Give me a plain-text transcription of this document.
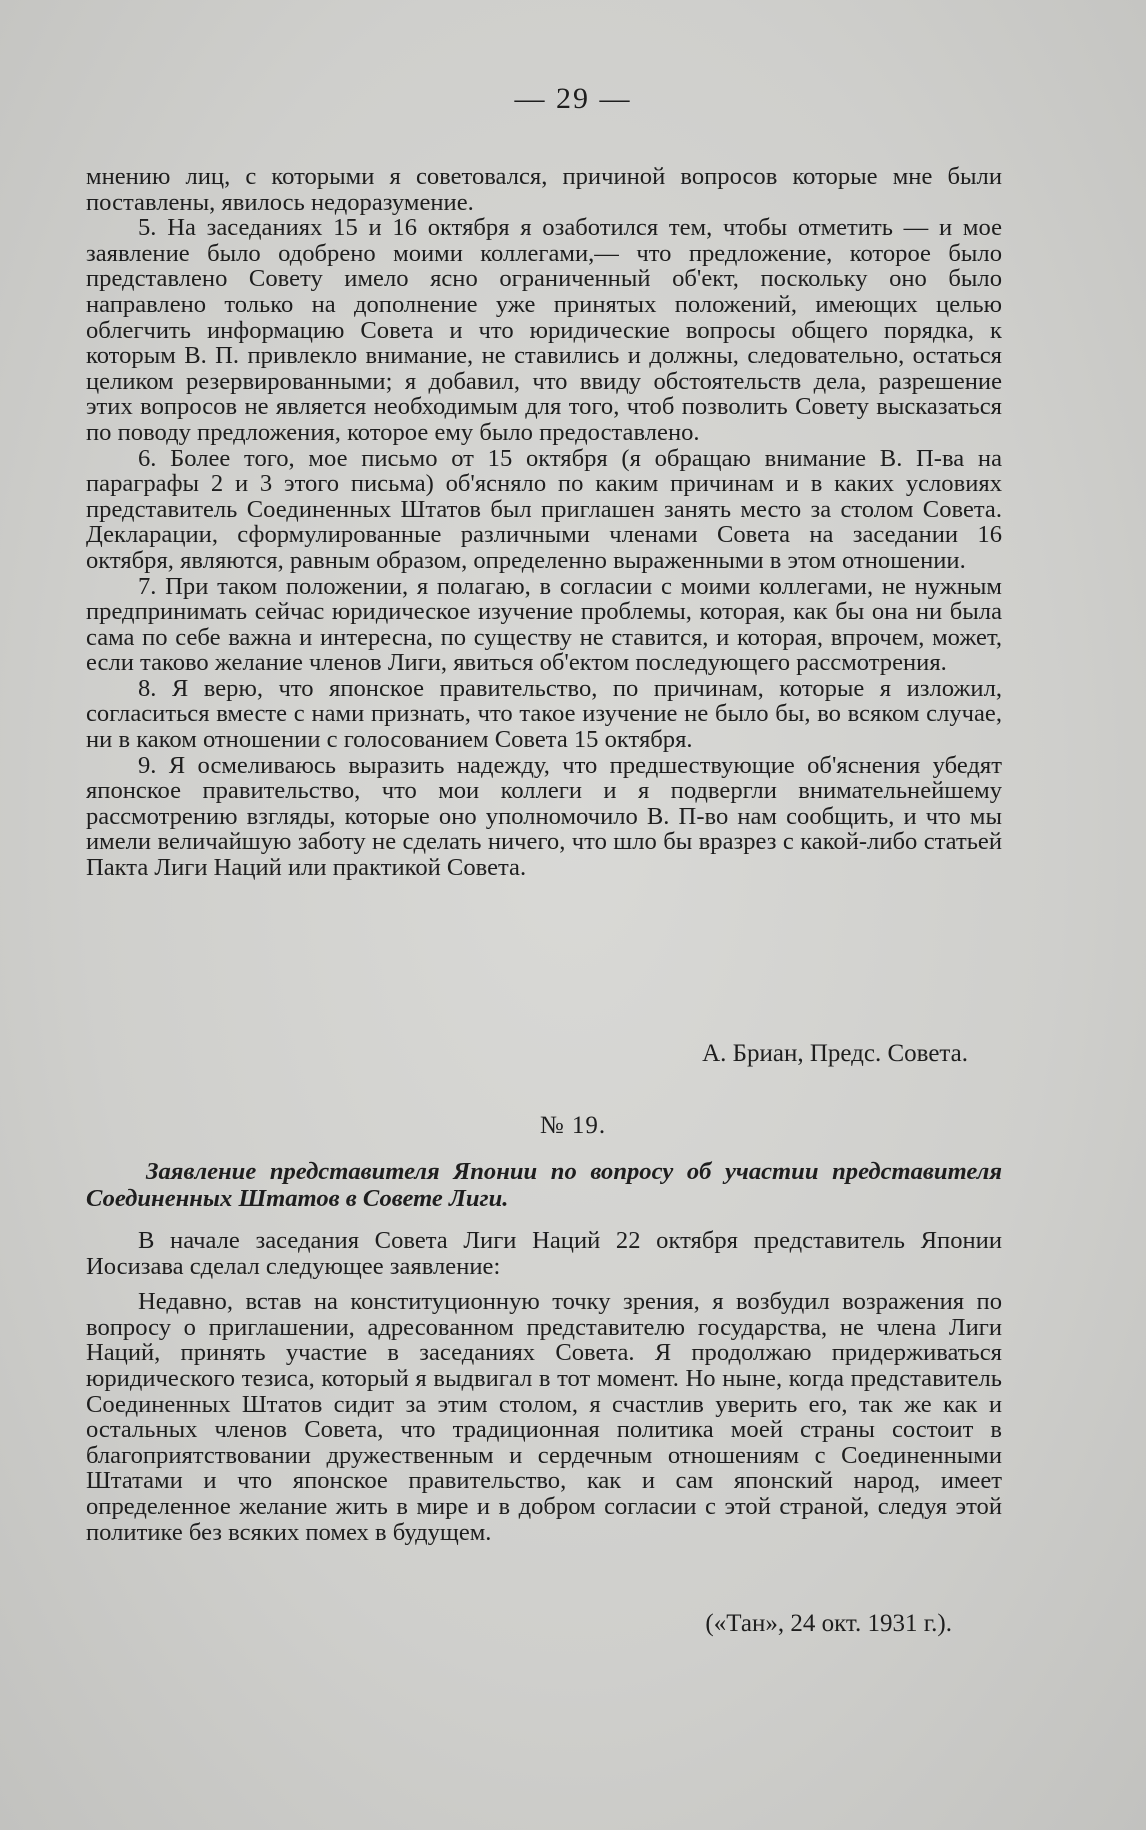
— 29 —

мнению лиц, с которыми я советовался, причиной вопросов которые мне были поставлены, явилось недоразумение.

5. На заседаниях 15 и 16 октября я озаботился тем, чтобы отметить — и мое заявление было одобрено моими коллегами,— что предложение, которое было представлено Совету имело ясно ограниченный об'ект, поскольку оно было направлено только на дополнение уже принятых положений, имеющих целью облегчить информацию Совета и что юридические вопросы общего порядка, к которым В. П. привлекло внимание, не ставились и должны, следовательно, остаться целиком резервированными; я добавил, что ввиду обстоятельств дела, разрешение этих вопросов не является необходимым для того, чтоб позволить Совету высказаться по поводу предложения, которое ему было предоставлено.

6. Более того, мое письмо от 15 октября (я обращаю внимание В. П-ва на параграфы 2 и 3 этого письма) об'ясняло по каким причинам и в каких условиях представитель Соединенных Штатов был приглашен занять место за столом Совета. Декларации, сформулированные различными членами Совета на заседании 16 октября, являются, равным образом, определенно выраженными в этом отношении.

7. При таком положении, я полагаю, в согласии с моими коллегами, не нужным предпринимать сейчас юридическое изучение проблемы, которая, как бы она ни была сама по себе важна и интересна, по существу не ставится, и которая, впрочем, может, если таково желание членов Лиги, явиться об'ектом последующего рассмотрения.

8. Я верю, что японское правительство, по причинам, которые я изложил, согласиться вместе с нами признать, что такое изучение не было бы, во всяком случае, ни в каком отношении с голосованием Совета 15 октября.

9. Я осмеливаюсь выразить надежду, что предшествующие об'яснения убедят японское правительство, что мои коллеги и я подвергли внимательнейшему рассмотрению взгляды, которые оно уполномочило В. П-во нам сообщить, и что мы имели величайшую заботу не сделать ничего, что шло бы вразрез с какой-либо статьей Пакта Лиги Наций или практикой Совета.

А. Бриан, Предс. Совета.
№ 19.
Заявление представителя Японии по вопросу об участии представителя Соединенных Штатов в Совете Лиги.

В начале заседания Совета Лиги Наций 22 октября представитель Японии Иосизава сделал следующее заявление:

Недавно, встав на конституционную точку зрения, я возбудил возражения по вопросу о приглашении, адресованном представителю государства, не члена Лиги Наций, принять участие в заседаниях Совета. Я продолжаю придерживаться юридического тезиса, который я выдвигал в тот момент. Но ныне, когда представитель Соединенных Штатов сидит за этим столом, я счастлив уверить его, так же как и остальных членов Совета, что традиционная политика моей страны состоит в благоприятствовании дружественным и сердечным отношениям с Соединенными Штатами и что японское правительство, как и сам японский народ, имеет определенное желание жить в мире и в добром согласии с этой страной, следуя этой политике без всяких помех в будущем.

(«Тан», 24 окт. 1931 г.).
